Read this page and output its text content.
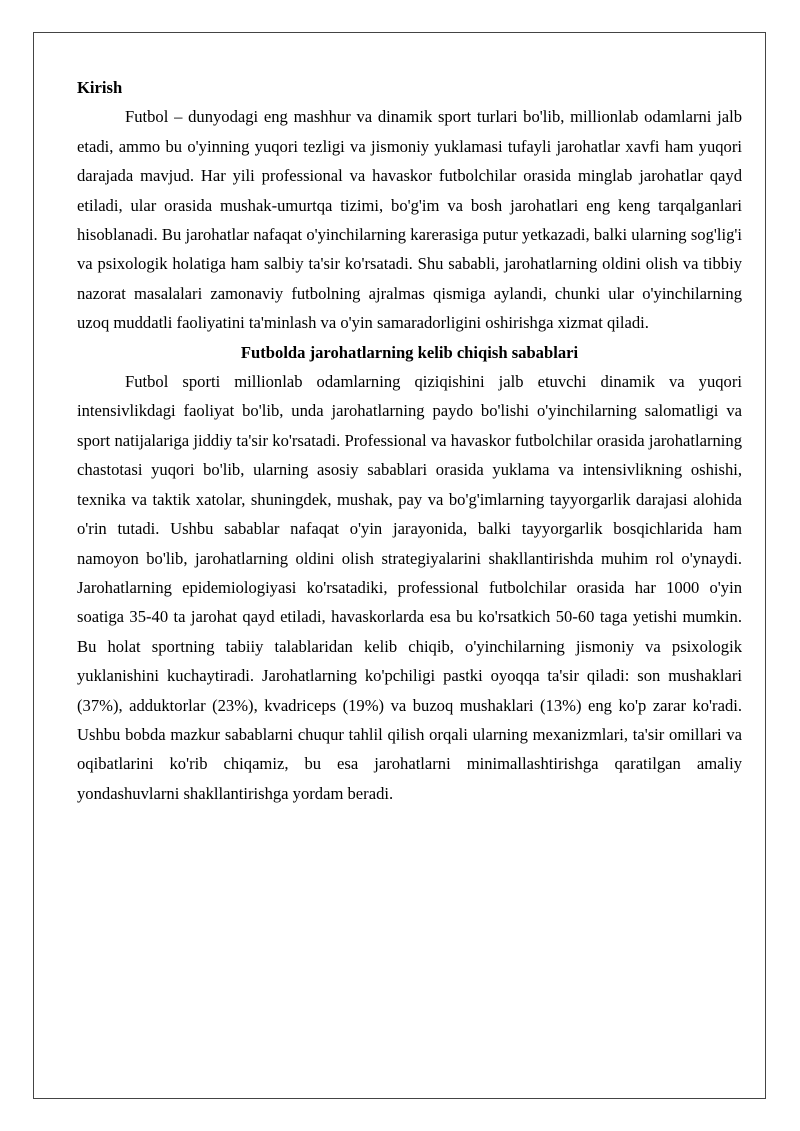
Kirish

Futbol – dunyodagi eng mashhur va dinamik sport turlari bo'lib, millionlab odamlarni jalb etadi, ammo bu o'yinning yuqori tezligi va jismoniy yuklamasi tufayli jarohatlar xavfi ham yuqori darajada mavjud. Har yili professional va havaskor futbolchilar orasida minglab jarohatlar qayd etiladi, ular orasida mushak-umurtqa tizimi, bo'g'im va bosh jarohatlari eng keng tarqalganlari hisoblanadi. Bu jarohatlar nafaqat o'yinchilarning karerasiga putur yetkazadi, balki ularning sog'lig'i va psixologik holatiga ham salbiy ta'sir ko'rsatadi. Shu sababli, jarohatlarning oldini olish va tibbiy nazorat masalalari zamonaviy futbolning ajralmas qismiga aylandi, chunki ular o'yinchilarning uzoq muddatli faoliyatini ta'minlash va o'yin samaradorligini oshirishga xizmat qiladi.

Futbolda jarohatlarning kelib chiqish sabablari

Futbol sporti millionlab odamlarning qiziqishini jalb etuvchi dinamik va yuqori intensivlikdagi faoliyat bo'lib, unda jarohatlarning paydo bo'lishi o'yinchilarning salomatligi va sport natijalariga jiddiy ta'sir ko'rsatadi. Professional va havaskor futbolchilar orasida jarohatlarning chastotasi yuqori bo'lib, ularning asosiy sabablari orasida yuklama va intensivlikning oshishi, texnika va taktik xatolar, shuningdek, mushak, pay va bo'g'imlarning tayyorgarlik darajasi alohida o'rin tutadi. Ushbu sabablar nafaqat o'yin jarayonida, balki tayyorgarlik bosqichlarida ham namoyon bo'lib, jarohatlarning oldini olish strategiyalarini shakllantirishda muhim rol o'ynaydi. Jarohatlarning epidemiologiyasi ko'rsatadiki, professional futbolchilar orasida har 1000 o'yin soatiga 35-40 ta jarohat qayd etiladi, havaskorlarda esa bu ko'rsatkich 50-60 taga yetishi mumkin. Bu holat sportning tabiiy talablaridan kelib chiqib, o'yinchilarning jismoniy va psixologik yuklanishini kuchaytiradi. Jarohatlarning ko'pchiligi pastki oyoqqa ta'sir qiladi: son mushaklari (37%), adduktorlar (23%), kvadriceps (19%) va buzoq mushaklari (13%) eng ko'p zarar ko'radi. Ushbu bobda mazkur sabablarni chuqur tahlil qilish orqali ularning mexanizmlari, ta'sir omillari va oqibatlarini ko'rib chiqamiz, bu esa jarohatlarni minimallashtirishga qaratilgan amaliy yondashuvlarni shakllantirishga yordam beradi.
